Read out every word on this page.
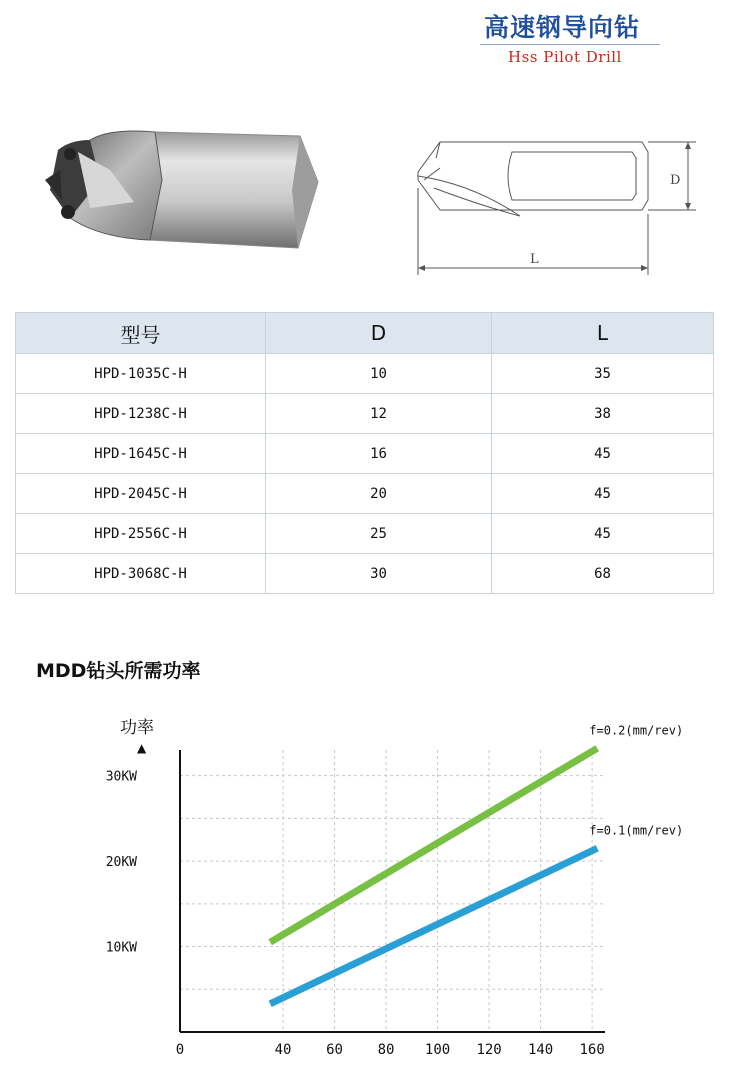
高速钢导向钻
Hss Pilot Drill
D
L
型号	D	L
HPD-1035C-H	10	35
HPD-1238C-H	12	38
HPD-1645C-H	16	45
HPD-2045C-H	20	45
HPD-2556C-H	25	45
HPD-3068C-H	30	68
MDD钻头所需功率
0	40 60 80 100 120 140 160
10KW
20KW
30KW
f=0.2(mm/rev)
f=0.1(mm/rev)
功率
▲
